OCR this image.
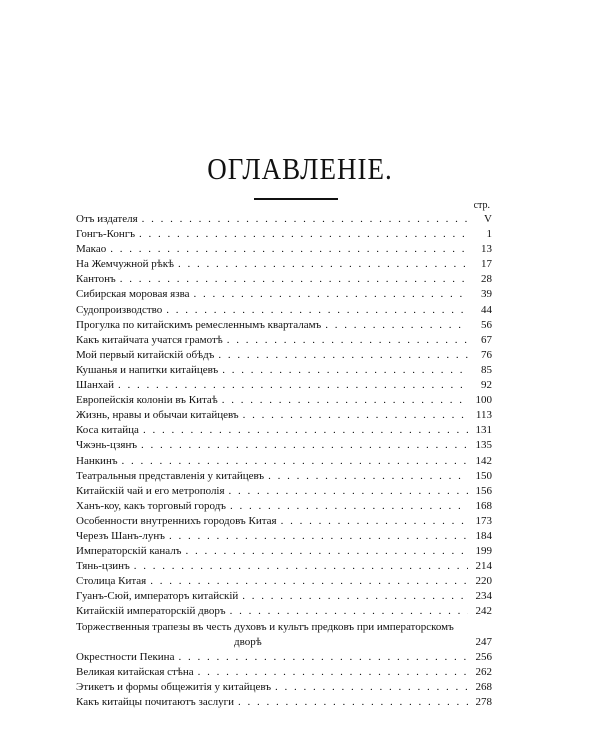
ОГЛАВЛЕНІЕ.
стр.
Отъ издателя . . .	V
Гонгъ-Конгъ . . .	1
Макао . . .	13
На Жемчужной рѣкѣ . . .	17
Кантонъ . . .	28
Сибирская моровая язва . . .	39
Судопроизводство . . .	44
Прогулка по китайскимъ ремесленнымъ кварталамъ . . .	56
Какъ китайчата учатся грамотѣ . . .	67
Мой первый китайскій обѣдъ . . .	76
Кушанья и напитки китайцевъ . . .	85
Шанхай . . .	92
Европейскія колоніи въ Китаѣ . . .	100
Жизнь, нравы и обычаи китайцевъ . . .	113
Коса китайца . . .	131
Чжэнь-цзянъ . . .	135
Нанкинъ . . .	142
Театральныя представленія у китайцевъ . . .	150
Китайскій чай и его метрополія . . .	156
Ханъ-коу, какъ торговый городъ . . .	168
Особенности внутреннихъ городовъ Китая . . .	173
Черезъ Шанъ-лунъ . . .	184
Императорскій каналъ . . .	199
Тянь-цзинъ . . .	214
Столица Китая . . .	220
Гуанъ-Сюй, императоръ китайскій . . .	234
Китайскій императорскій дворъ . . .	242
Торжественныя трапезы въ честь духовъ и культъ предковъ при императорскомъ
дворѣ	247
Окрестности Пекина . . .	256
Великая китайская стѣна . . .	262
Этикетъ и формы общежитія у китайцевъ . . .	268
Какъ китайцы почитаютъ заслуги . . .	278
